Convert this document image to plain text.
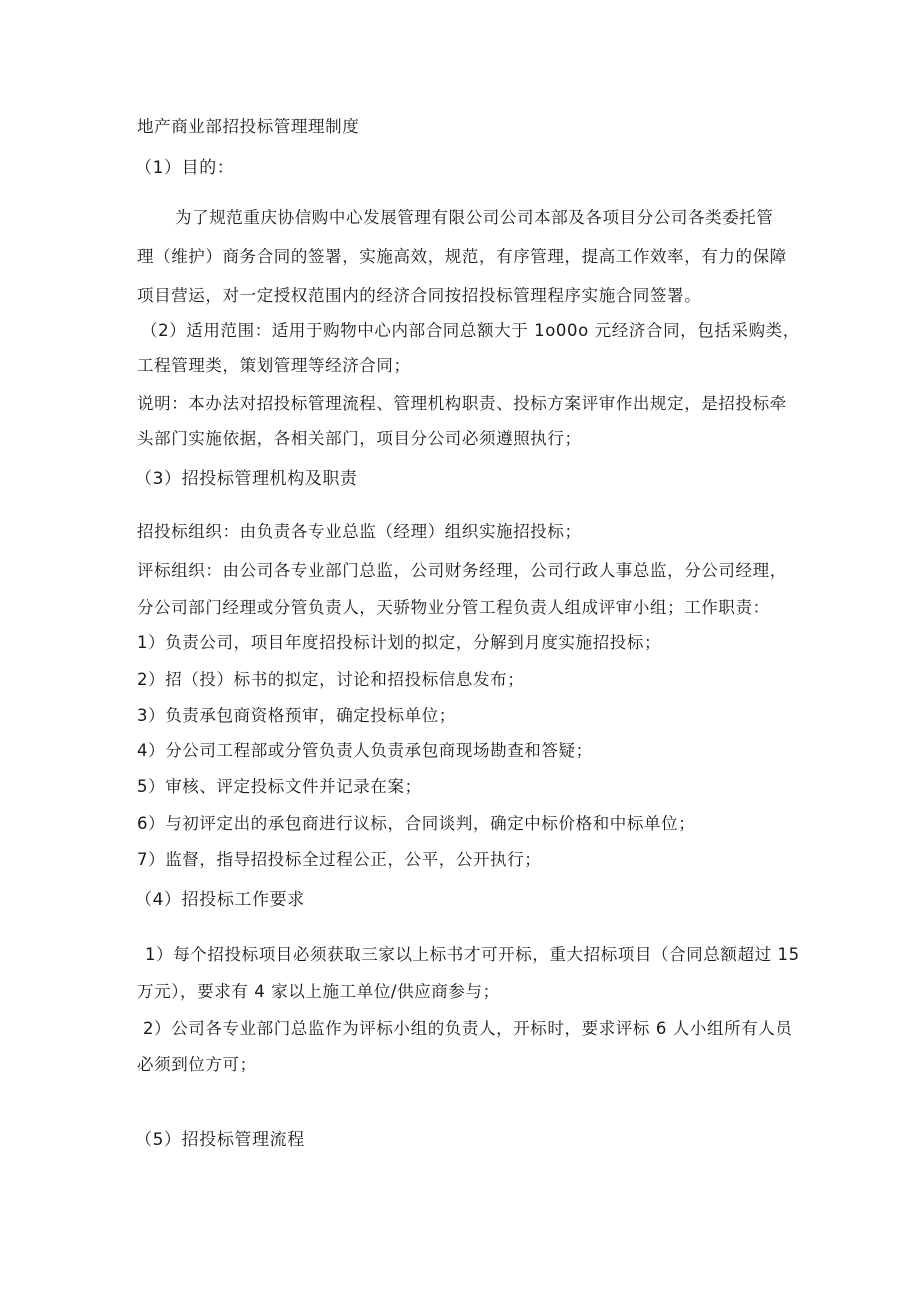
地产商业部招投标管理理制度
（1）目的：
为了规范重庆协信购中心发展管理有限公司公司本部及各项目分公司各类委托管
理（维护）商务合同的签署，实施高效，规范，有序管理，提高工作效率，有力的保障
项目营运，对一定授权范围内的经济合同按招投标管理程序实施合同签署。
（2）适用范围：适用于购物中心内部合同总额大于 1o00o 元经济合同，包括采购类，
工程管理类，策划管理等经济合同；
说明：本办法对招投标管理流程、管理机构职责、投标方案评审作出规定，是招投标牵
头部门实施依据，各相关部门，项目分公司必须遵照执行；
（3）招投标管理机构及职责
招投标组织：由负责各专业总监（经理）组织实施招投标；
评标组织：由公司各专业部门总监，公司财务经理，公司行政人事总监，分公司经理，
分公司部门经理或分管负责人，天骄物业分管工程负责人组成评审小组；工作职责：
1）负责公司，项目年度招投标计划的拟定，分解到月度实施招投标；
2）招（投）标书的拟定，讨论和招投标信息发布；
3）负责承包商资格预审，确定投标单位；
4）分公司工程部或分管负责人负责承包商现场勘查和答疑；
5）审核、评定投标文件并记录在案；
6）与初评定出的承包商进行议标，合同谈判，确定中标价格和中标单位；
7）监督，指导招投标全过程公正，公平，公开执行；
（4）招投标工作要求
1）每个招投标项目必须获取三家以上标书才可开标，重大招标项目（合同总额超过 15
万元），要求有 4 家以上施工单位/供应商参与；
2）公司各专业部门总监作为评标小组的负责人，开标时，要求评标 6 人小组所有人员
必须到位方可；
（5）招投标管理流程
